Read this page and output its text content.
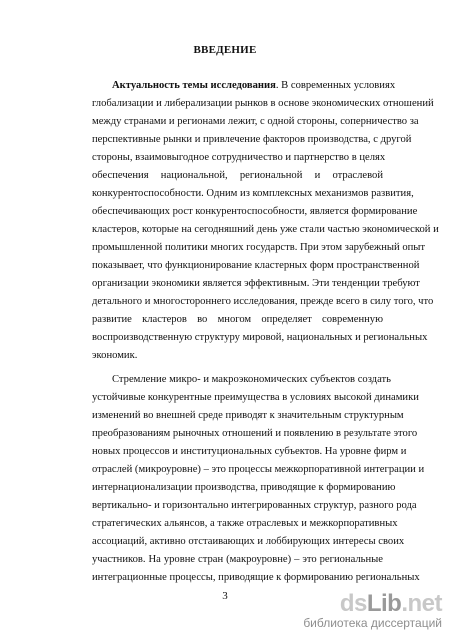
ВВЕДЕНИЕ
Актуальность темы исследования. В современных условиях
глобализации и либерализации рынков в основе экономических отношений
между странами и регионами лежит, с одной стороны, соперничество за
перспективные рынки и привлечение факторов производства, с другой
стороны, взаимовыгодное сотрудничество и партнерство в целях
обеспечения национальной, региональной и отраслевой
конкурентоспособности. Одним из комплексных механизмов развития,
обеспечивающих рост конкурентоспособности, является формирование
кластеров, которые на сегодняшний день уже стали частью экономической и
промышленной политики многих государств. При этом зарубежный опыт
показывает, что функционирование кластерных форм пространственной
организации экономики является эффективным. Эти тенденции требуют
детального и многостороннего исследования, прежде всего в силу того, что
развитие кластеров во многом определяет современную
воспроизводственную структуру мировой, национальных и региональных
экономик.
Стремление микро- и макроэкономических субъектов создать
устойчивые конкурентные преимущества в условиях высокой динамики
изменений во внешней среде приводят к значительным структурным
преобразованиям рыночных отношений и появлению в результате этого
новых процессов и институциональных субъектов. На уровне фирм и
отраслей (микроуровне) – это процессы межкорпоративной интеграции и
интернационализации производства, приводящие к формированию
вертикально- и горизонтально интегрированных структур, разного рода
стратегических альянсов, а также отраслевых и межкорпоративных
ассоциаций, активно отстаивающих и лоббирующих интересы своих
участников. На уровне стран (макроуровне) – это региональные
интеграционные процессы, приводящие к формированию региональных
3	dsLib.net
библиотека диссертаций
